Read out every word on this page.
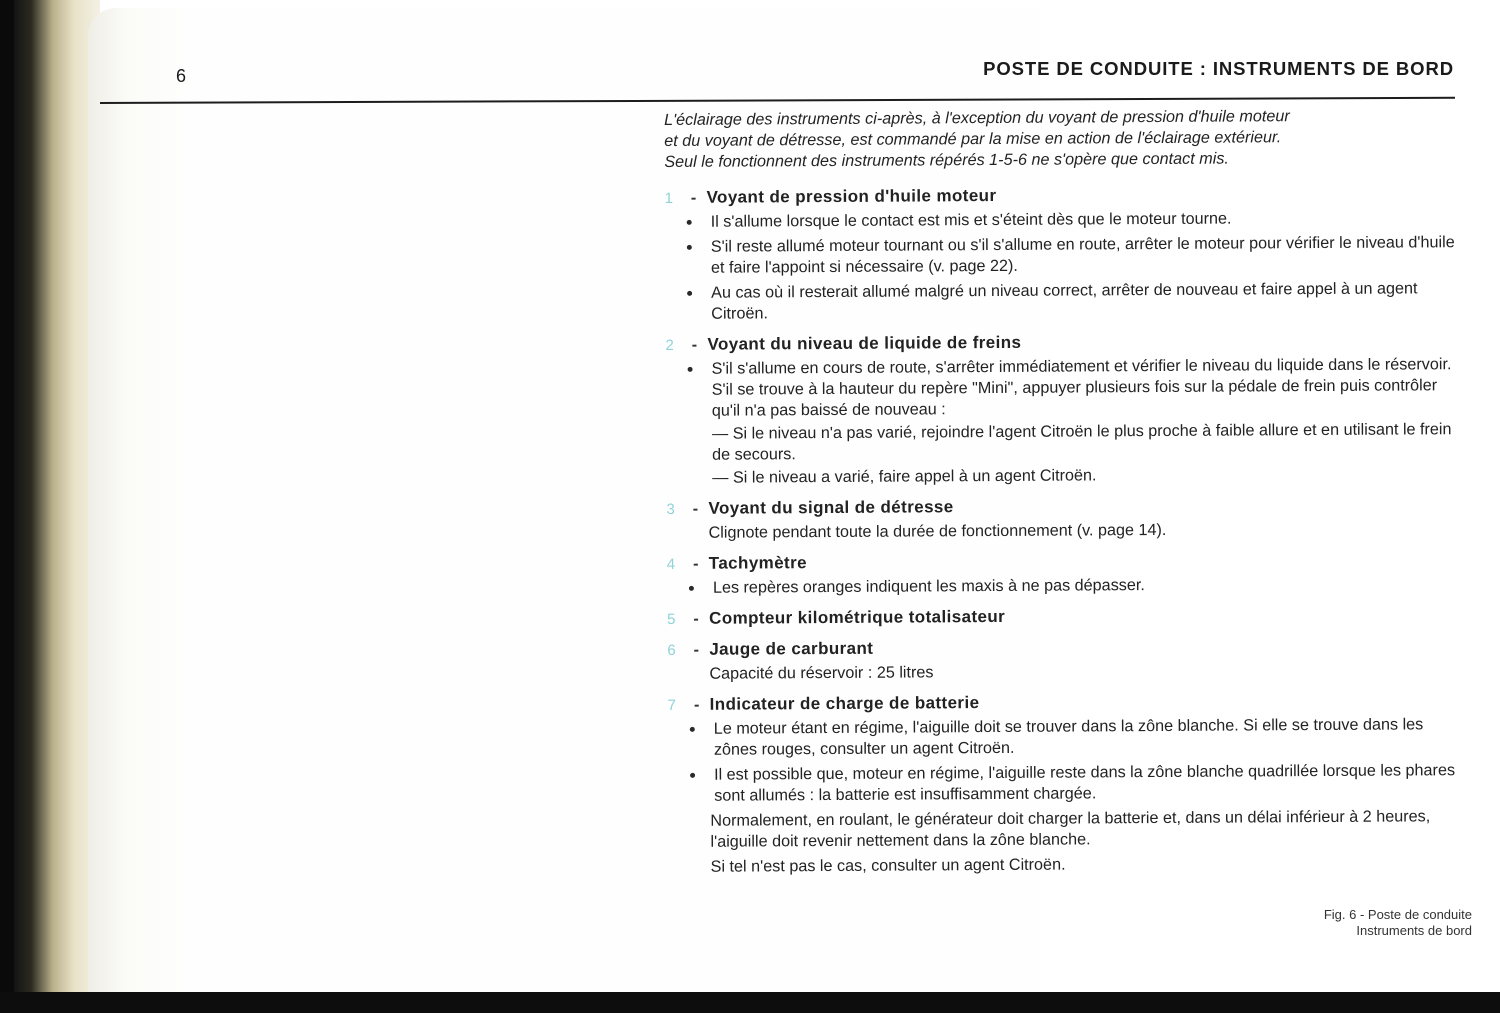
6	POSTE DE CONDUITE : INSTRUMENTS DE BORD
L'éclairage des instruments ci-après, à l'exception du voyant de pression d'huile moteur
et du voyant de détresse, est commandé par la mise en action de l'éclairage extérieur.
Seul le fonctionnent des instruments répérés 1-5-6 ne s'opère que contact mis.
1	- Voyant de pression d'huile moteur
Il s'allume lorsque le contact est mis et s'éteint dès que le moteur tourne.
S'il reste allumé moteur tournant ou s'il s'allume en route, arrêter le moteur pour vérifier le niveau d'huile et faire l'appoint si nécessaire (v. page 22).
Au cas où il resterait allumé malgré un niveau correct, arrêter de nouveau et faire appel à un agent Citroën.
2	- Voyant du niveau de liquide de freins
S'il s'allume en cours de route, s'arrêter immédiatement et vérifier le niveau du liquide dans le réservoir. S'il se trouve à la hauteur du repère "Mini", appuyer plusieurs fois sur la pédale de frein puis contrôler qu'il n'a pas baissé de nouveau :
— Si le niveau n'a pas varié, rejoindre l'agent Citroën le plus proche à faible allure et en utilisant le frein de secours.
— Si le niveau a varié, faire appel à un agent Citroën.
3	- Voyant du signal de détresse
Clignote pendant toute la durée de fonctionnement (v. page 14).
4	- Tachymètre
Les repères oranges indiquent les maxis à ne pas dépasser.
5	- Compteur kilométrique totalisateur
6	- Jauge de carburant
Capacité du réservoir : 25 litres
7	- Indicateur de charge de batterie
Le moteur étant en régime, l'aiguille doit se trouver dans la zône blanche. Si elle se trouve dans les zônes rouges, consulter un agent Citroën.
Il est possible que, moteur en régime, l'aiguille reste dans la zône blanche quadrillée lorsque les phares sont allumés : la batterie est insuffisamment chargée.
Normalement, en roulant, le générateur doit charger la batterie et, dans un délai inférieur à 2 heures, l'aiguille doit revenir nettement dans la zône blanche.
Si tel n'est pas le cas, consulter un agent Citroën.
Fig. 6 - Poste de conduite
Instruments de bord
